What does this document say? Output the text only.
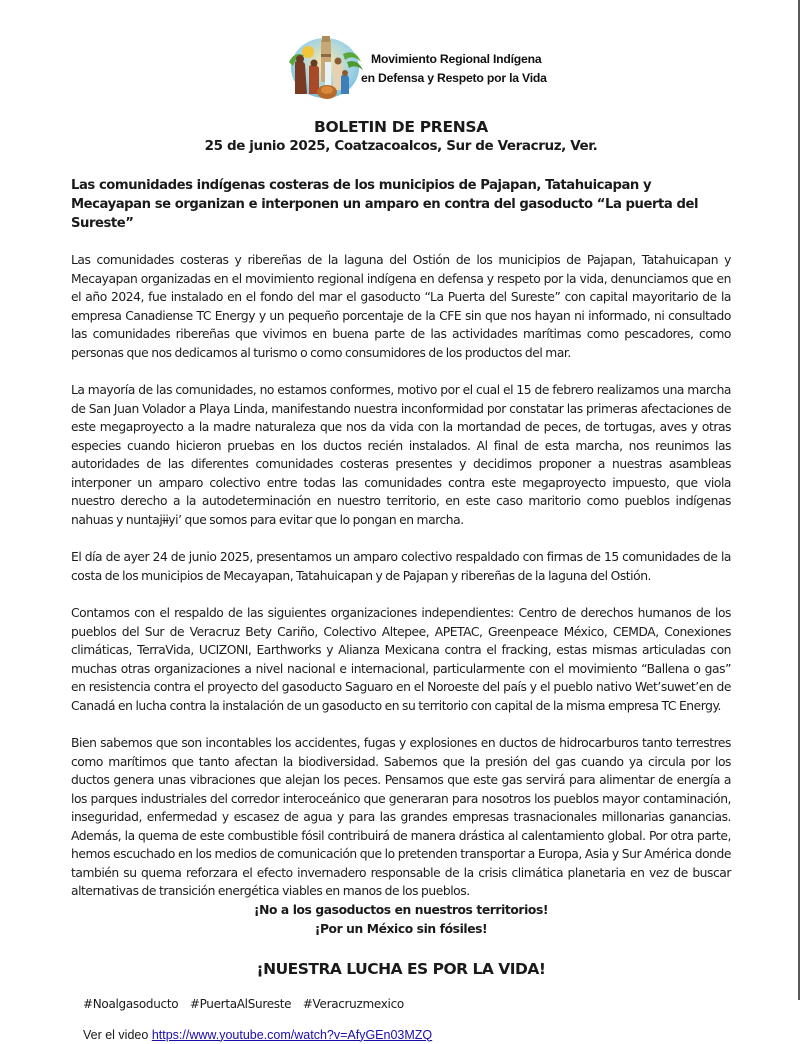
Movimiento Regional Indígena
en Defensa y Respeto por la Vida

BOLETIN DE PRENSA

25 de junio 2025, Coatzacoalcos, Sur de Veracruz, Ver.

Las comunidades indígenas costeras de los municipios de Pajapan, Tatahuicapan y Mecayapan se organizan e interponen un amparo en contra del gasoducto “La puerta del Sureste”

Las comunidades costeras y ribereñas de la laguna del Ostión de los municipios de Pajapan, Tatahuicapan y Mecayapan organizadas en el movimiento regional indígena en defensa y respeto por la vida, denunciamos que en el año 2024, fue instalado en el fondo del mar el gasoducto “La Puerta del Sureste” con capital mayoritario de la empresa Canadiense TC Energy y un pequeño porcentaje de la CFE sin que nos hayan ni informado, ni consultado las comunidades ribereñas que vivimos en buena parte de las actividades marítimas como pescadores, como personas que nos dedicamos al turismo o como consumidores de los productos del mar.

La mayoría de las comunidades, no estamos conformes, motivo por el cual el 15 de febrero realizamos una marcha de San Juan Volador a Playa Linda, manifestando nuestra inconformidad por constatar las primeras afectaciones de este megaproyecto a la madre naturaleza que nos da vida con la mortandad de peces, de tortugas, aves y otras especies cuando hicieron pruebas en los ductos recién instalados. Al final de esta marcha, nos reunimos las autoridades de las diferentes comunidades costeras presentes y decidimos proponer a nuestras asambleas interponer un amparo colectivo entre todas las comunidades contra este megaproyecto impuesto, que viola nuestro derecho a la autodeterminación en nuestro territorio, en este caso maritorio como pueblos indígenas nahuas y nuntajɨɨyi’ que somos para evitar que lo pongan en marcha.

El día de ayer 24 de junio 2025, presentamos un amparo colectivo respaldado con firmas de 15 comunidades de la costa de los municipios de Mecayapan, Tatahuicapan y de Pajapan y ribereñas de la laguna del Ostión.

Contamos con el respaldo de las siguientes organizaciones independientes: Centro de derechos humanos de los pueblos del Sur de Veracruz Bety Cariño, Colectivo Altepee, APETAC, Greenpeace México, CEMDA, Conexiones climáticas, TerraVida, UCIZONI, Earthworks y Alianza Mexicana contra el fracking, estas mismas articuladas con muchas otras organizaciones a nivel nacional e internacional, particularmente con el movimiento “Ballena o gas” en resistencia contra el proyecto del gasoducto Saguaro en el Noroeste del país y el pueblo nativo Wet’suwet’en de Canadá en lucha contra la instalación de un gasoducto en su territorio con capital de la misma empresa TC Energy.

Bien sabemos que son incontables los accidentes, fugas y explosiones en ductos de hidrocarburos tanto terrestres como marítimos que tanto afectan la biodiversidad. Sabemos que la presión del gas cuando ya circula por los ductos genera unas vibraciones que alejan los peces. Pensamos que este gas servirá para alimentar de energía a los parques industriales del corredor interoceánico que generaran para nosotros los pueblos mayor contaminación, inseguridad, enfermedad y escasez de agua y para las grandes empresas trasnacionales millonarias ganancias. Además, la quema de este combustible fósil contribuirá de manera drástica al calentamiento global. Por otra parte, hemos escuchado en los medios de comunicación que lo pretenden transportar a Europa, Asia y Sur América donde también su quema reforzara el efecto invernadero responsable de la crisis climática planetaria en vez de buscar alternativas de transición energética viables en manos de los pueblos.

¡No a los gasoductos en nuestros territorios!

¡Por un México sin fósiles!

¡NUESTRA LUCHA ES POR LA VIDA!

#Noalgasoducto #PuertaAlSureste #Veracruzmexico
Ver el video https://www.youtube.com/watch?v=AfyGEn03MZQ
